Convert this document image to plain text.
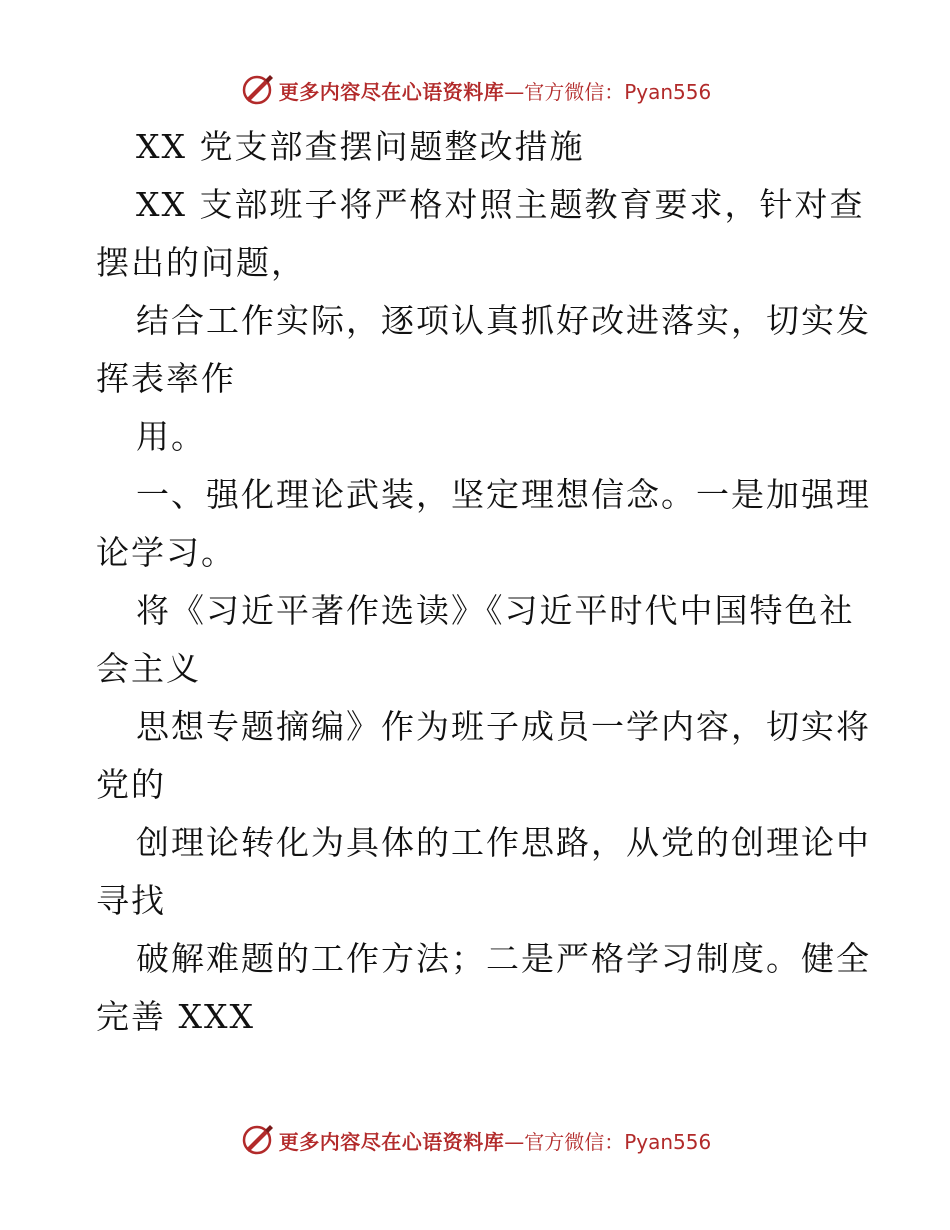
更多内容尽在心语资料库 —官方微信：Pyan556
XX 党支部查摆问题整改措施
XX 支部班子将严格对照主题教育要求，针对查
摆出的问题，
结合工作实际，逐项认真抓好改进落实，切实发
挥表率作
用。
一、强化理论武装，坚定理想信念。一是加强理
论学习。
将《习近平著作选读》《习近平时代中国特色社
会主义
思想专题摘编》作为班子成员一学内容，切实将
党的
创理论转化为具体的工作思路，从党的创理论中
寻找
破解难题的工作方法；二是严格学习制度。健全
完善 XXX
更多内容尽在心语资料库 —官方微信：Pyan556
